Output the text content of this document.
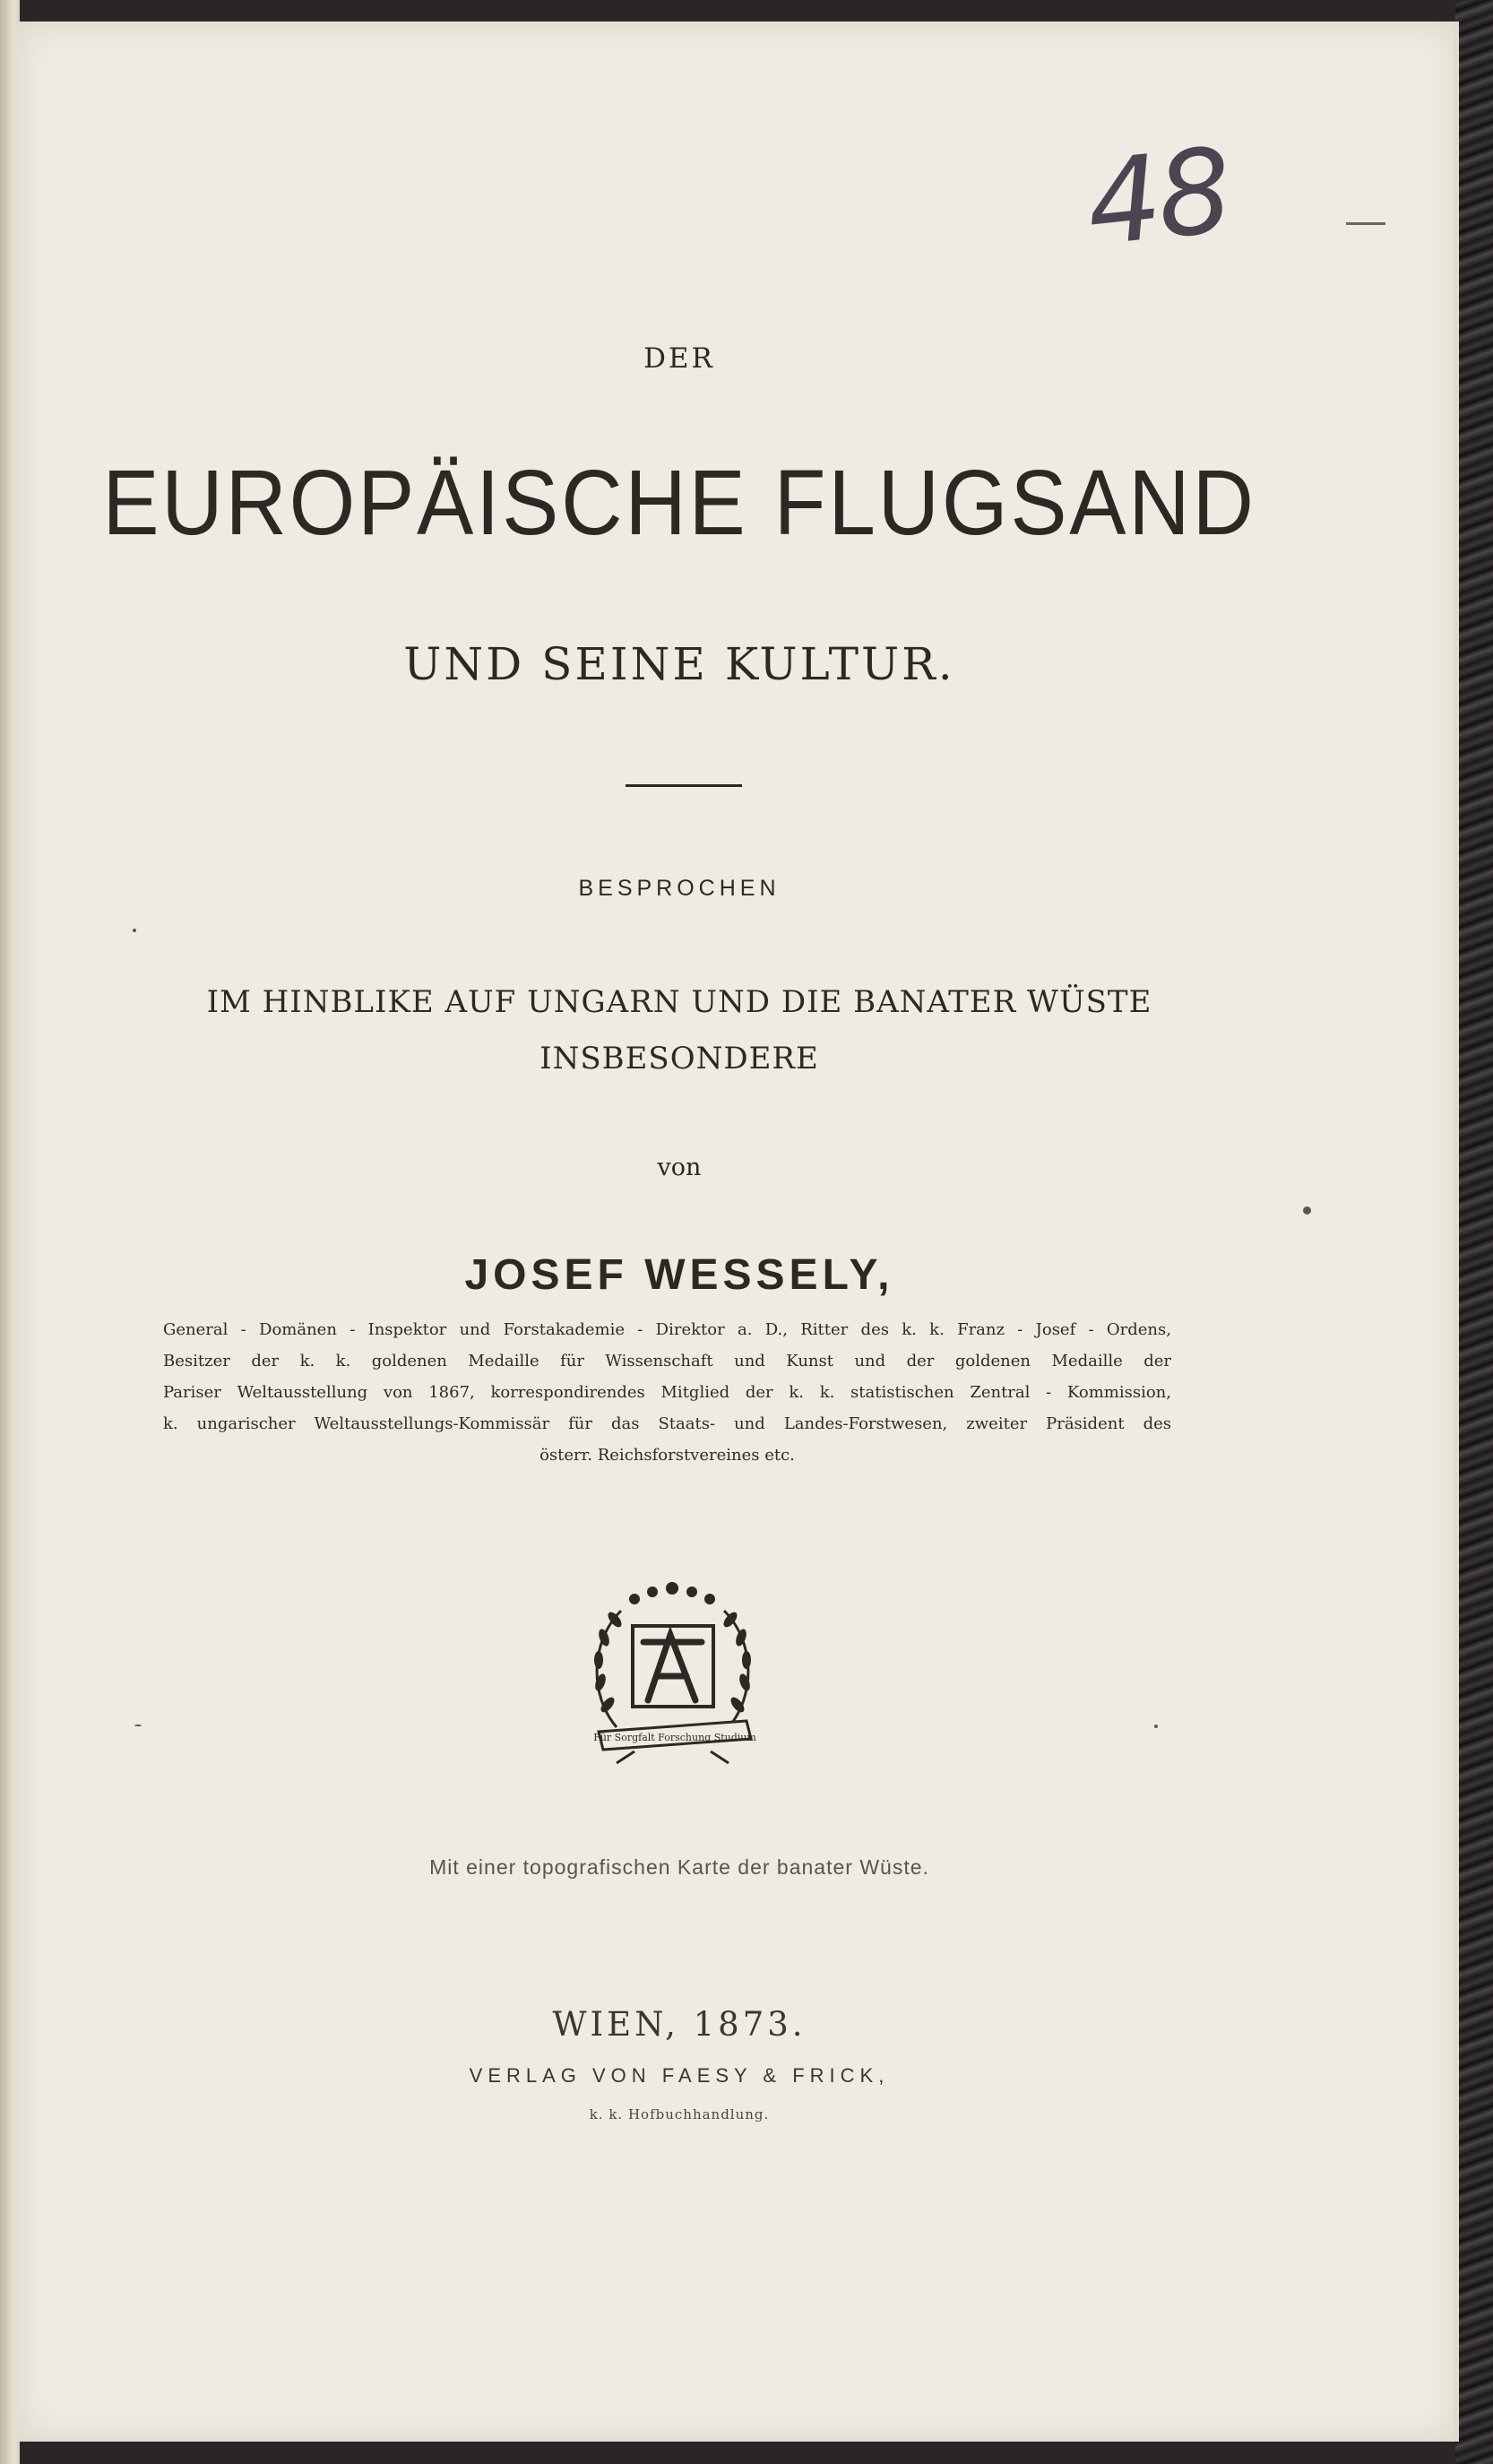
48
DER
EUROPÄISCHE FLUGSAND
UND SEINE KULTUR.
BESPROCHEN
IM HINBLIKE AUF UNGARN UND DIE BANATER WÜSTE
INSBESONDERE
von
JOSEF WESSELY,
General - Domänen - Inspektor und Forstakademie - Direktor a. D., Ritter des k. k. Franz - Josef - Ordens,
Besitzer der k. k. goldenen Medaille für Wissenschaft und Kunst und der goldenen Medaille der
Pariser Weltausstellung von 1867, korrespondirendes Mitglied der k. k. statistischen Zentral - Kommission,
k. ungarischer Weltausstellungs-Kommissär für das Staats- und Landes-Forstwesen, zweiter Präsident des
österr. Reichsforstvereines etc.
Für Sorgfalt Forschung Studium
Mit einer topografischen Karte der banater Wüste.
WIEN, 1873.
VERLAG VON FAESY & FRICK,
k. k. Hofbuchhandlung.
